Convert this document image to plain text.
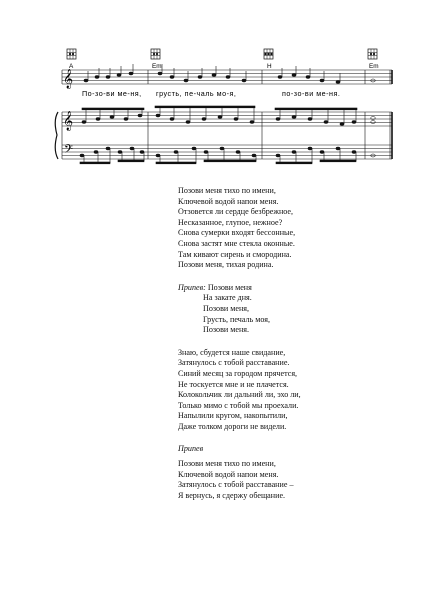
A	Em	H	Em
𝄞
По-зо-ви ме-ня, грусть, пе-чаль мо-я,	по-зо-ви ме-ня.
𝄞
𝄢
Позови меня тихо по имени,
Ключевой водой напои меня.
Отзовется ли сердце безбрежное,
Несказанное, глупое, нежное?
Снова сумерки входят бессонные,
Снова застят мне стекла оконные.
Там кивают сирень и смородина.
Позови меня, тихая родина.
Припев: Позови меня
На закате дня.
Позови меня,
Грусть, печаль моя,
Позови меня.
Знаю, сбудется наше свидание,
Затянулось с тобой расставание.
Синий месяц за городом прячется,
Не тоскуется мне и не плачется.
Колокольчик ли дальний ли, эхо ли,
Только мимо с тобой мы проехали.
Напылили кругом, накопытили,
Даже толком дороги не видели.
Припев
Позови меня тихо по имени,
Ключевой водой напои меня.
Затянулось с тобой расставание –
Я вернусь, я сдержу обещание.
